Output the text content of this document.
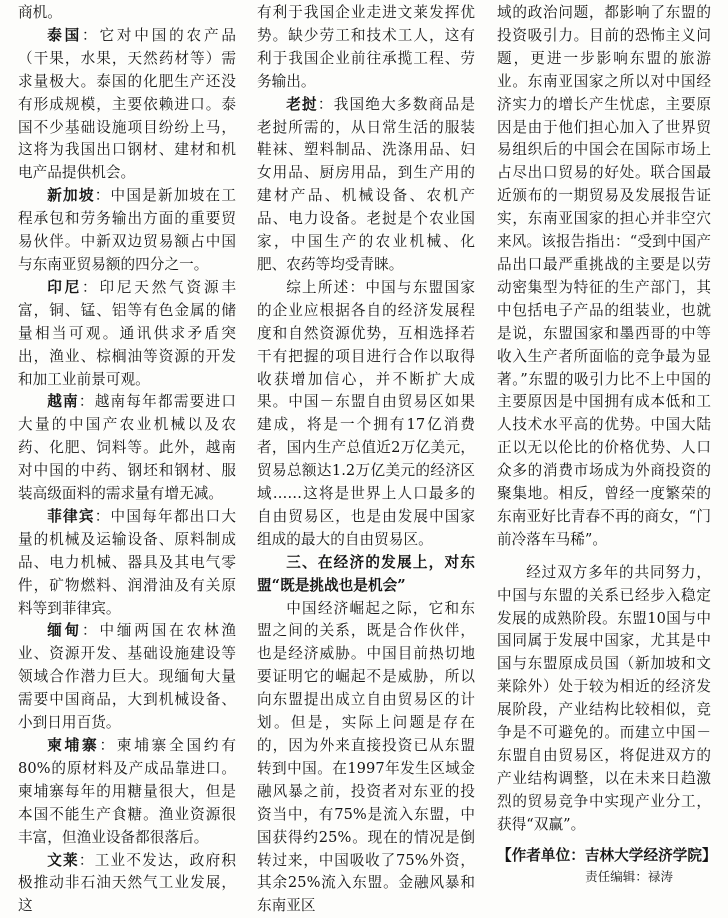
商机。

泰国：它对中国的农产品（干果，水果，天然药材等）需求量极大。泰国的化肥生产还没有形成规模，主要依赖进口。泰国不少基础设施项目纷纷上马，这将为我国出口钢材、建材和机电产品提供机会。

新加坡：中国是新加坡在工程承包和劳务输出方面的重要贸易伙伴。中新双边贸易额占中国与东南亚贸易额的四分之一。

印尼：印尼天然气资源丰富，铜、锰、铝等有色金属的储量相当可观。通讯供求矛盾突出，渔业、棕榈油等资源的开发和加工业前景可观。

越南：越南每年都需要进口大量的中国产农业机械以及农药、化肥、饲料等。此外，越南对中国的中药、钢坯和钢材、服装高级面料的需求量有增无减。

菲律宾：中国每年都出口大量的机械及运输设备、原料制成品、电力机械、器具及其电气零件，矿物燃料、润滑油及有关原料等到菲律宾。

缅甸：中缅两国在农林渔业、资源开发、基础设施建设等领域合作潜力巨大。现缅甸大量需要中国商品，大到机械设备、小到日用百货。

柬埔寨：柬埔寨全国约有80%的原材料及产成品靠进口。柬埔寨每年的用糖量很大，但是本国不能生产食糖。渔业资源很丰富，但渔业设备都很落后。

文莱：工业不发达，政府积极推动非石油天然气工业发展，这

有利于我国企业走进文莱发挥优势。缺少劳工和技术工人，这有利于我国企业前往承揽工程、劳务输出。

老挝：我国绝大多数商品是老挝所需的，从日常生活的服装鞋袜、塑料制品、洗涤用品、妇女用品、厨房用品，到生产用的建材产品、机械设备、农机产品、电力设备。老挝是个农业国家，中国生产的农业机械、化肥、农药等均受青睐。

综上所述：中国与东盟国家的企业应根据各自的经济发展程度和自然资源优势，互相选择若干有把握的项目进行合作以取得收获增加信心，并不断扩大成果。中国－东盟自由贸易区如果建成，将是一个拥有17亿消费者，国内生产总值近2万亿美元，贸易总额达1.2万亿美元的经济区域……这将是世界上人口最多的自由贸易区，也是由发展中国家组成的最大的自由贸易区。

三、在经济的发展上，对东盟“既是挑战也是机会”

中国经济崛起之际，它和东盟之间的关系，既是合作伙伴，也是经济威胁。中国目前热切地要证明它的崛起不是威胁，所以向东盟提出成立自由贸易区的计划。但是，实际上问题是存在的，因为外来直接投资已从东盟转到中国。在1997年发生区域金融风暴之前，投资者对东亚的投资当中，有75%是流入东盟，中国获得约25%。现在的情况是倒转过来，中国吸收了75%外资，其余25%流入东盟。金融风暴和东南亚区

域的政治问题，都影响了东盟的投资吸引力。目前的恐怖主义问题，更进一步影响东盟的旅游业。东南亚国家之所以对中国经济实力的增长产生忧虑，主要原因是由于他们担心加入了世界贸易组织后的中国会在国际市场上占尽出口贸易的好处。联合国最近颁布的一期贸易及发展报告证实，东南亚国家的担心并非空穴来风。该报告指出：“受到中国产品出口最严重挑战的主要是以劳动密集型为特征的生产部门，其中包括电子产品的组装业，也就是说，东盟国家和墨西哥的中等收入生产者所面临的竞争最为显著。”东盟的吸引力比不上中国的主要原因是中国拥有成本低和工人技术水平高的优势。中国大陆正以无以伦比的价格优势、人口众多的消费市场成为外商投资的聚集地。相反，曾经一度繁荣的东南亚好比青春不再的商女，“门前冷落车马稀”。

经过双方多年的共同努力，中国与东盟的关系已经步入稳定发展的成熟阶段。东盟10国与中国同属于发展中国家，尤其是中国与东盟原成员国（新加坡和文莱除外）处于较为相近的经济发展阶段，产业结构比较相似，竞争是不可避免的。而建立中国－东盟自由贸易区，将促进双方的产业结构调整，以在未来日趋激烈的贸易竞争中实现产业分工，获得“双赢”。

【作者单位：吉林大学经济学院】

责任编辑：禄涛
